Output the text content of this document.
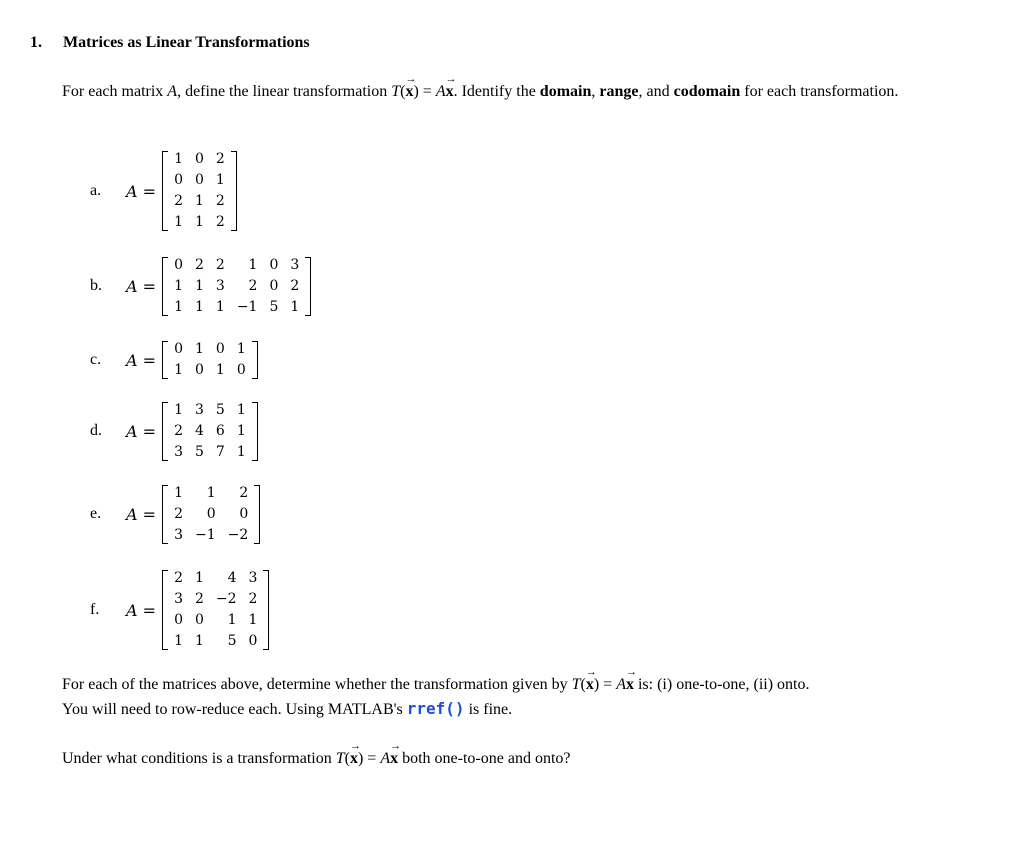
1. Matrices as Linear Transformations
For each matrix A, define the linear transformation T(→ x) = A→ x. Identify the domain, range, and codomain for each transformation.
a.	A =
1	0	2
0	0	1
2	1	2
1	1	2
b.	A =
0	2	2	1	0	3
1	1	3	2	0	2
1	1	1	−1	5	1
c.	A =
0	1	0	1
1	0	1	0
d.	A =
1	3	5	1
2	4	6	1
3	5	7	1
e.	A =
1	1	2
2	0	0
3	−1	−2
f.	A =
2	1	4	3
3	2	−2	2
0	0	1	1
1	1	5	0
For each of the matrices above, determine whether the transformation given by T(→ x) = A→ x is: (i) one-to-one, (ii) onto.
You will need to row-reduce each. Using MATLAB's rref() is fine.
Under what conditions is a transformation T(→ x) = A→ x both one-to-one and onto?
